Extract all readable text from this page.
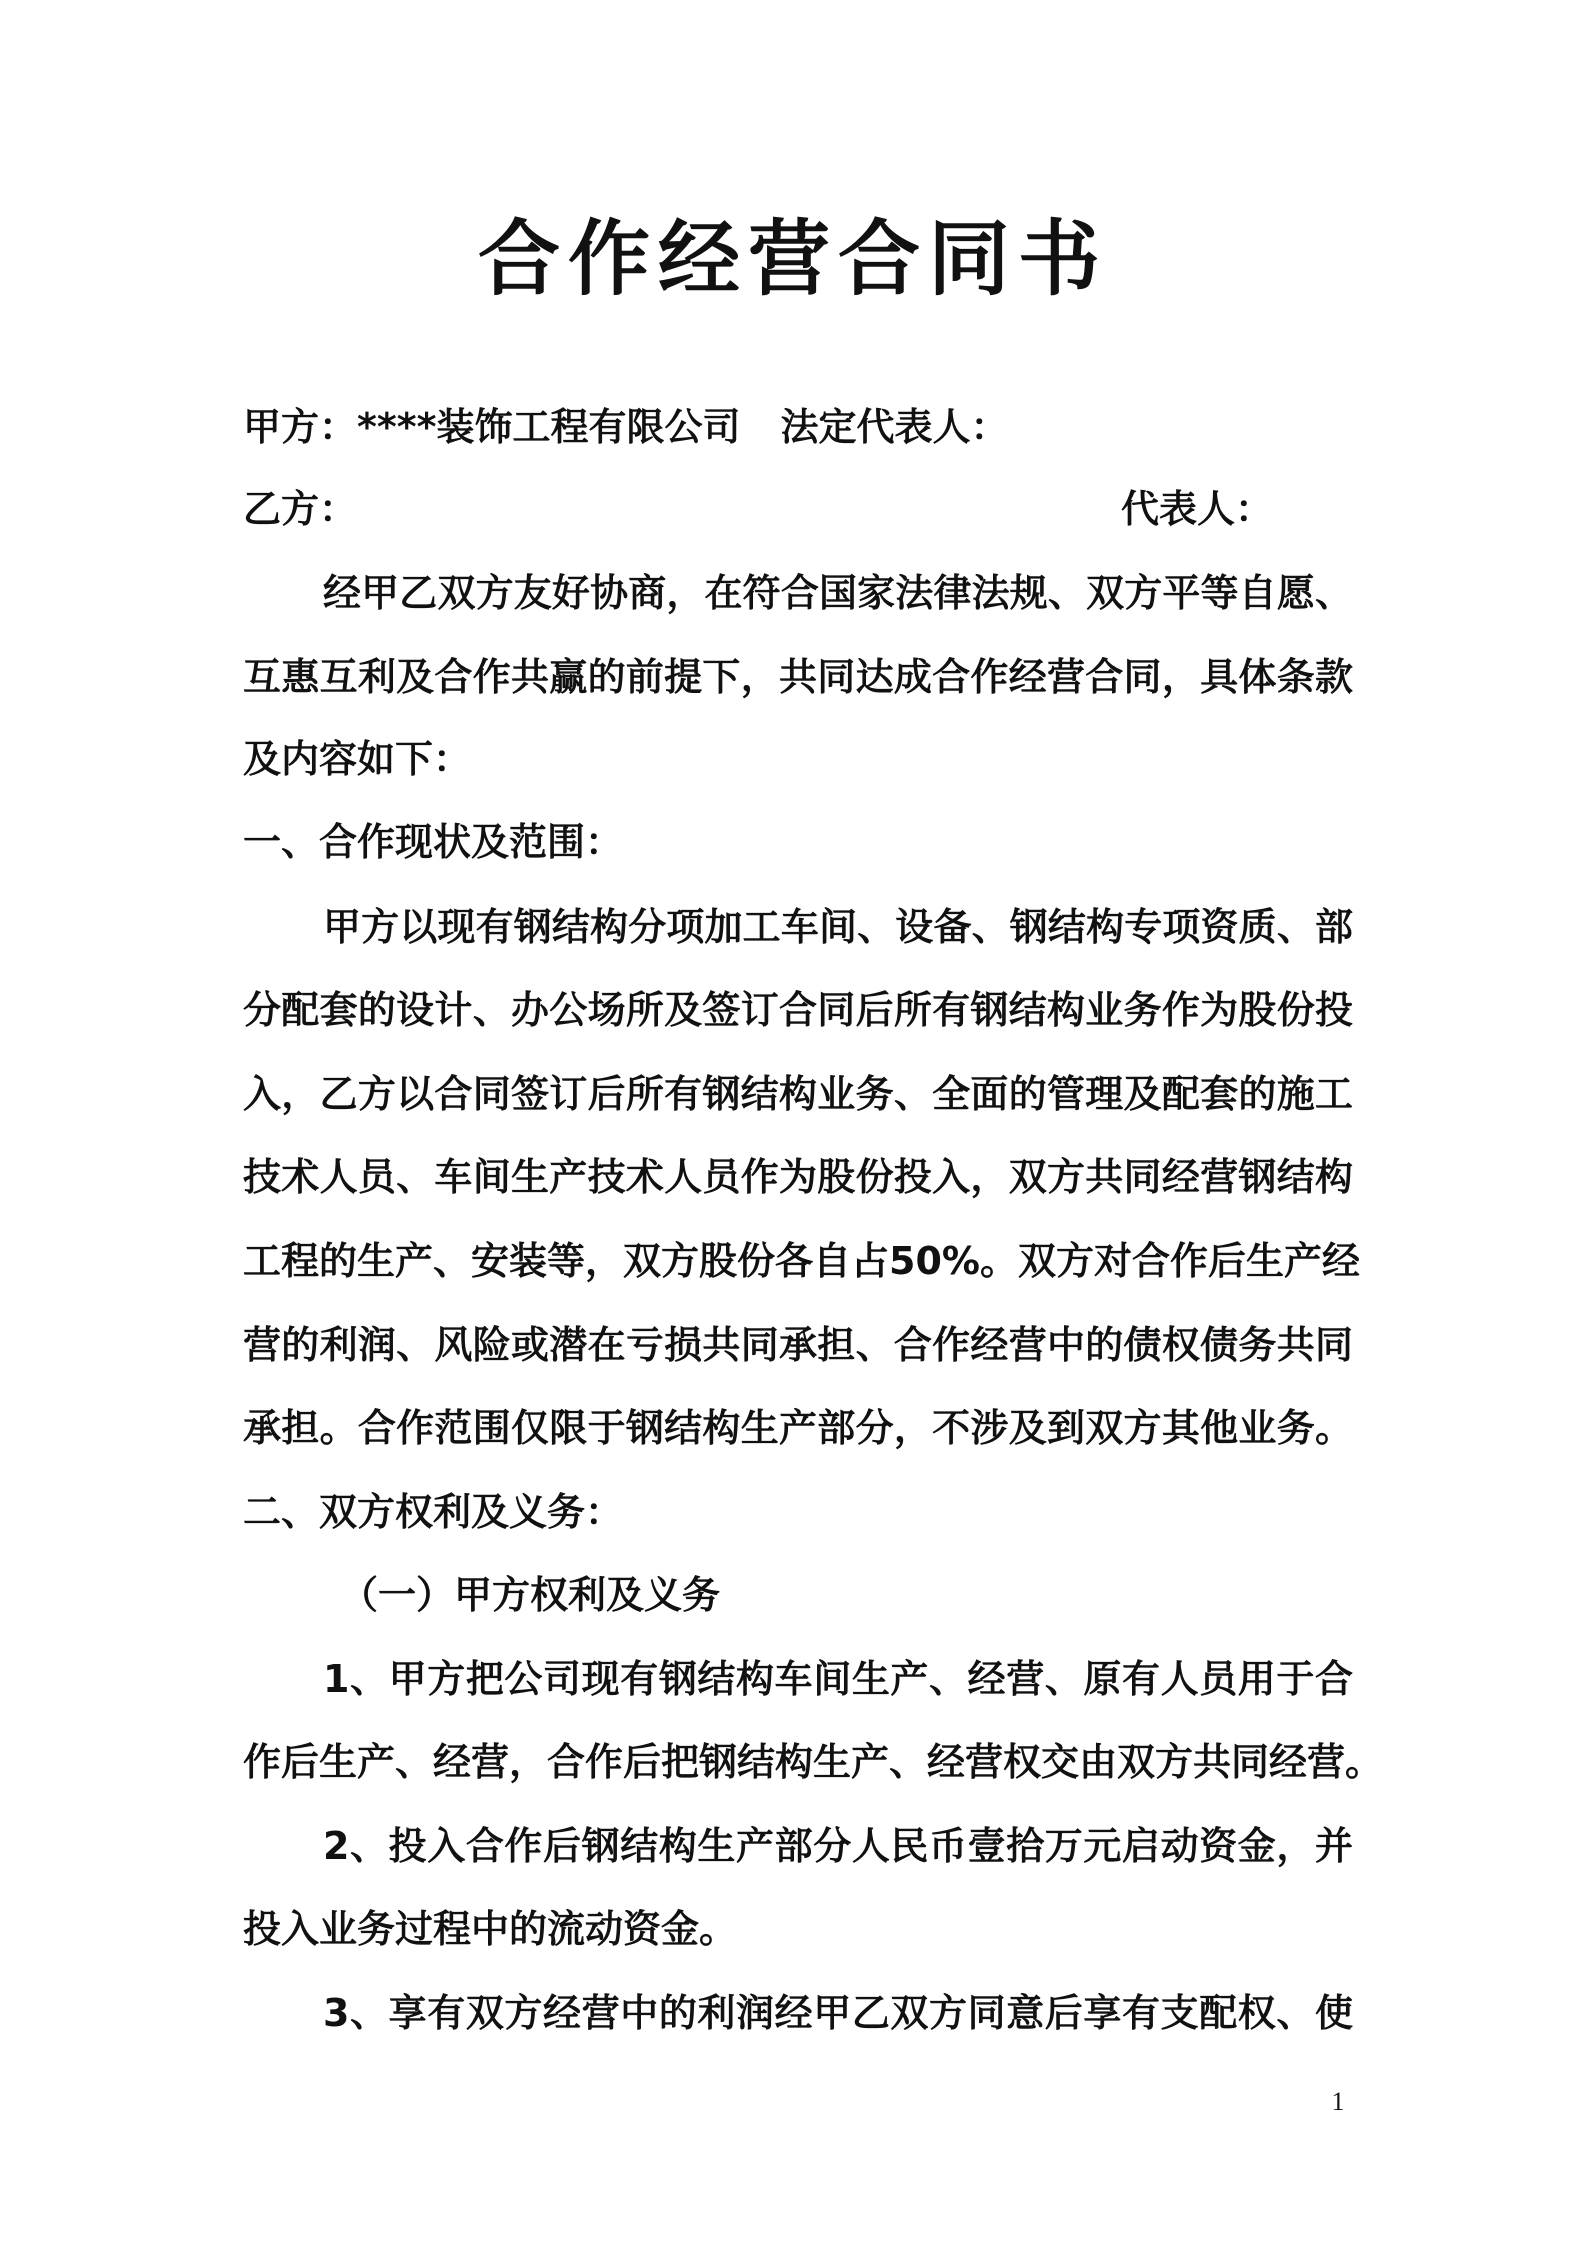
合作经营合同书
甲方：****装饰工程有限公司 法定代表人：
乙方：	代表人：
经甲乙双方友好协商，在符合国家法律法规、双方平等自愿、
互惠互利及合作共赢的前提下，共同达成合作经营合同，具体条款
及内容如下：
一、合作现状及范围：
甲方以现有钢结构分项加工车间、设备、钢结构专项资质、部
分配套的设计、办公场所及签订合同后所有钢结构业务作为股份投
入，乙方以合同签订后所有钢结构业务、全面的管理及配套的施工
技术人员、车间生产技术人员作为股份投入，双方共同经营钢结构
工程的生产、安装等，双方股份各自占50%。双方对合作后生产经
营的利润、风险或潜在亏损共同承担、合作经营中的债权债务共同
承担。合作范围仅限于钢结构生产部分，不涉及到双方其他业务。
二、双方权利及义务：
（一）甲方权利及义务
1、甲方把公司现有钢结构车间生产、经营、原有人员用于合
作后生产、经营，合作后把钢结构生产、经营权交由双方共同经营。
2、投入合作后钢结构生产部分人民币壹拾万元启动资金，并
投入业务过程中的流动资金。
3、享有双方经营中的利润经甲乙双方同意后享有支配权、使
1
